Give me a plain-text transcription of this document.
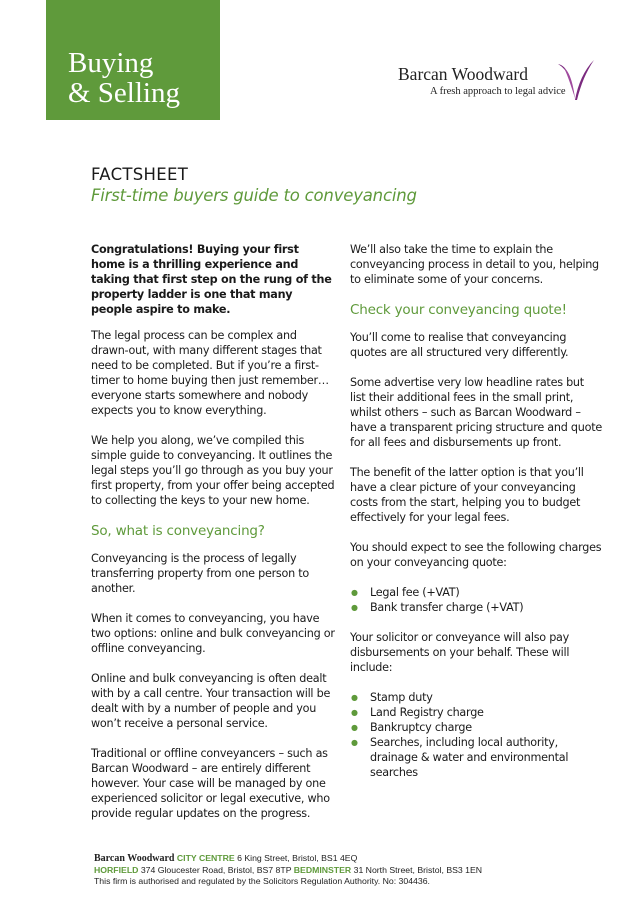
Buying
& Selling
Barcan Woodward
A fresh approach to legal advice
FACTSHEET
First-time buyers guide to conveyancing

Congratulations! Buying your first home is a thrilling experience and taking that first step on the rung of the property ladder is one that many people aspire to make.

The legal process can be complex and drawn-out, with many different stages that need to be completed. But if you’re a first-timer to home buying then just remember…everyone starts somewhere and nobody expects you to know everything.

We help you along, we’ve compiled this simple guide to conveyancing. It outlines the legal steps you’ll go through as you buy your first property, from your offer being accepted to collecting the keys to your new home.

So, what is conveyancing?

Conveyancing is the process of legally transferring property from one person to another.

When it comes to conveyancing, you have two options: online and bulk conveyancing or offline conveyancing.

Online and bulk conveyancing is often dealt with by a call centre. Your transaction will be dealt with by a number of people and you won’t receive a personal service.

Traditional or offline conveyancers – such as Barcan Woodward – are entirely different however. Your case will be managed by one experienced solicitor or legal executive, who provide regular updates on the progress.

We’ll also take the time to explain the conveyancing process in detail to you, helping to eliminate some of your concerns.

Check your conveyancing quote!

You’ll come to realise that conveyancing quotes are all structured very differently.

Some advertise very low headline rates but list their additional fees in the small print, whilst others – such as Barcan Woodward – have a transparent pricing structure and quote for all fees and disbursements up front.

The benefit of the latter option is that you’ll have a clear picture of your conveyancing costs from the start, helping you to budget effectively for your legal fees.

You should expect to see the following charges on your conveyancing quote:

● Legal fee (+VAT)
● Bank transfer charge (+VAT)

Your solicitor or conveyance will also pay disbursements on your behalf. These will include:

● Stamp duty
● Land Registry charge
● Bankruptcy charge
● Searches, including local authority, drainage & water and environmental searches
Barcan Woodward CITY CENTRE 6 King Street, Bristol, BS1 4EQ
HORFIELD 374 Gloucester Road, Bristol, BS7 8TP BEDMINSTER 31 North Street, Bristol, BS3 1EN
This firm is authorised and regulated by the Solicitors Regulation Authority. No: 304436.
